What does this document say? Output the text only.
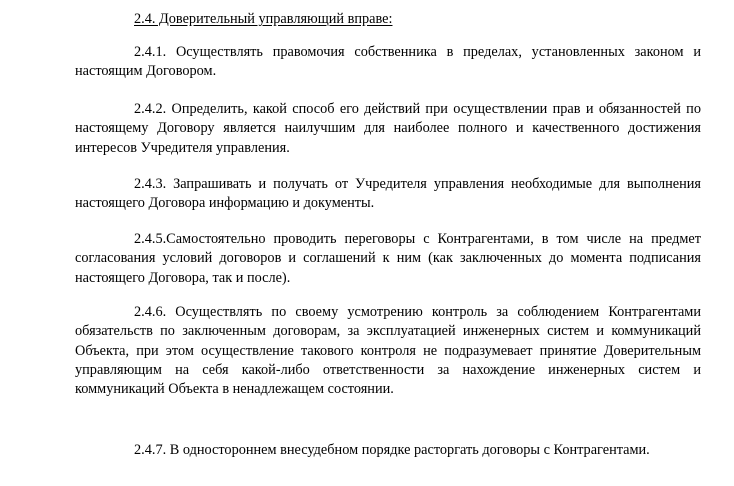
2.4. Доверительный управляющий вправе:

2.4.1. Осуществлять правомочия собственника в пределах, установленных законом и настоящим Договором.

2.4.2. Определить, какой способ его действий при осуществлении прав и обязанностей по настоящему Договору является наилучшим для наиболее полного и качественного достижения интересов Учредителя управления.

2.4.3. Запрашивать и получать от Учредителя управления необходимые для выполнения настоящего Договора информацию и документы.

2.4.5.Самостоятельно проводить переговоры с Контрагентами, в том числе на предмет согласования условий договоров и соглашений к ним (как заключенных до момента подписания настоящего Договора, так и после).

2.4.6. Осуществлять по своему усмотрению контроль за соблюдением Контрагентами обязательств по заключенным договорам, за эксплуатацией инженерных систем и коммуникаций Объекта, при этом осуществление такового контроля не подразумевает принятие Доверительным управляющим на себя какой-либо ответственности за нахождение инженерных систем и коммуникаций Объекта в ненадлежащем состоянии.

2.4.7. В одностороннем внесудебном порядке расторгать договоры с Контрагентами.
